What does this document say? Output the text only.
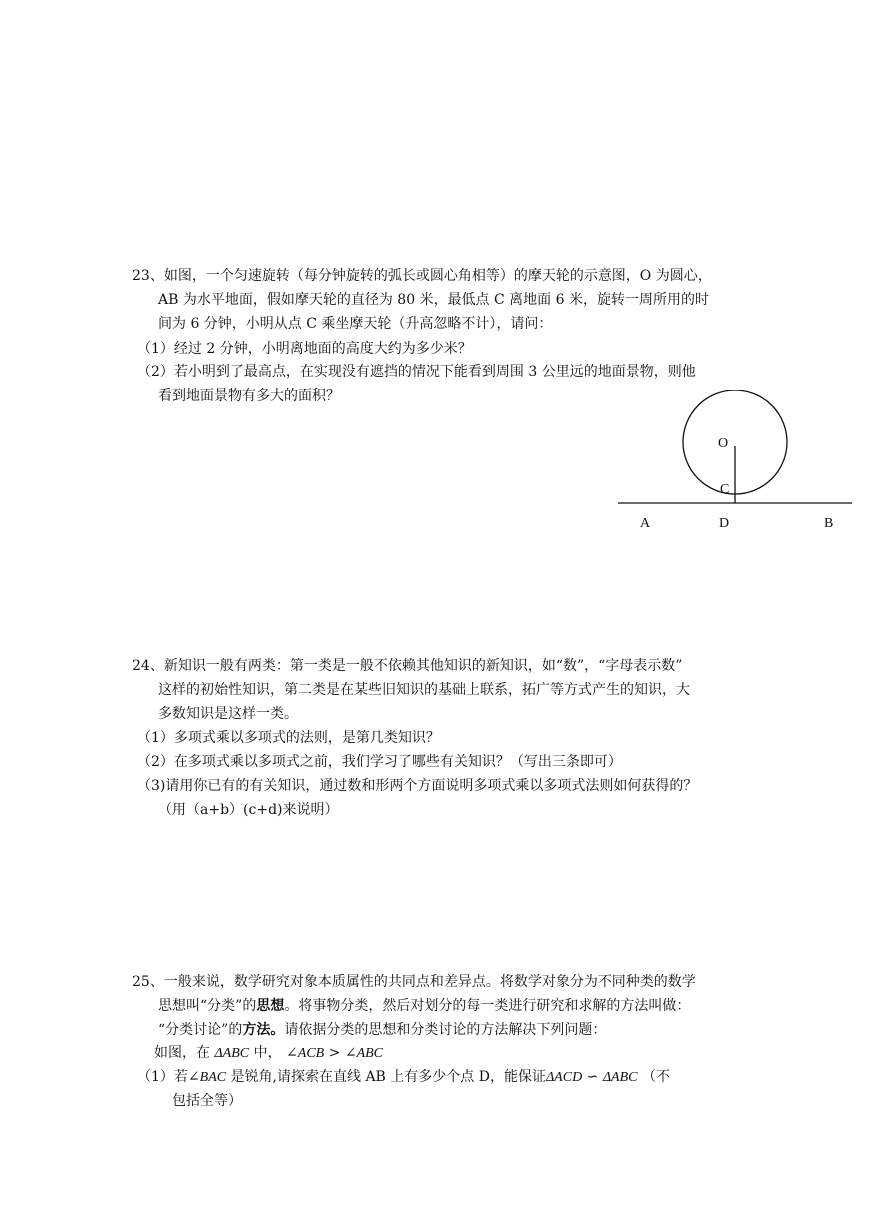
23、如图，一个匀速旋转（每分钟旋转的弧长或圆心角相等）的摩天轮的示意图，O 为圆心，
AB 为水平地面，假如摩天轮的直径为 80 米，最低点 C 离地面 6 米，旋转一周所用的时
间为 6 分钟，小明从点 C 乘坐摩天轮（升高忽略不计），请问：
（1）经过 2 分钟，小明离地面的高度大约为多少米？
（2）若小明到了最高点，在实现没有遮挡的情况下能看到周围 3 公里远的地面景物，则他
看到地面景物有多大的面积？
O
C
A	D	B
24、新知识一般有两类：第一类是一般不依赖其他知识的新知识，如“数”，“字母表示数”
这样的初始性知识，第二类是在某些旧知识的基础上联系，拓广等方式产生的知识，大
多数知识是这样一类。
（1）多项式乘以多项式的法则，是第几类知识？
（2）在多项式乘以多项式之前，我们学习了哪些有关知识？（写出三条即可）
（3)请用你已有的有关知识，通过数和形两个方面说明多项式乘以多项式法则如何获得的？
（用（a+b）(c+d)来说明）
25、一般来说，数学研究对象本质属性的共同点和差异点。将数学对象分为不同种类的数学
思想叫“分类”的思想。将事物分类，然后对划分的每一类进行研究和求解的方法叫做：
“分类讨论”的方法。请依据分类的思想和分类讨论的方法解决下列问题：
如图，在 ΔABC 中， ∠ACB > ∠ABC
（1）若∠BAC 是锐角,请探索在直线 AB 上有多少个点 D，能保证ΔACD ∽ ΔABC （不
包括全等）
